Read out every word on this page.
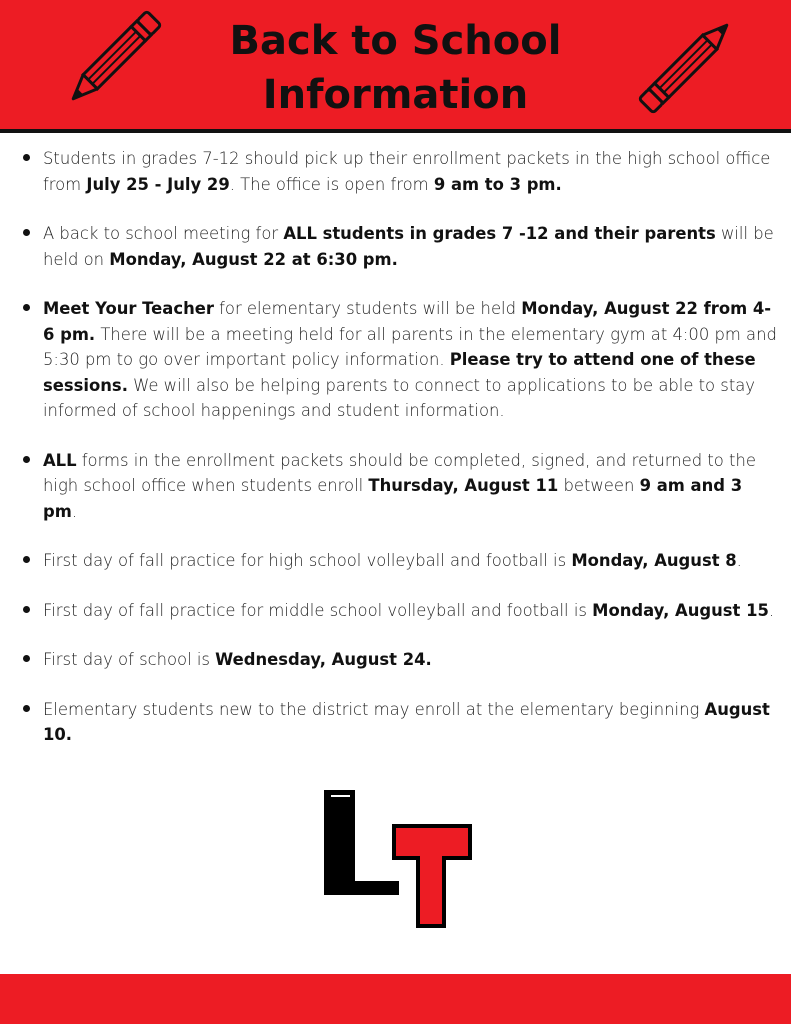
Back to School
Information
Students in grades 7-12 should pick up their enrollment packets in the high school office from July 25 - July 29. The office is open from 9 am to 3 pm.
A back to school meeting for ALL students in grades 7 -12 and their parents will be held on Monday, August 22 at 6:30 pm.
Meet Your Teacher for elementary students will be held Monday, August 22 from 4-6 pm. There will be a meeting held for all parents in the elementary gym at 4:00 pm and 5:30 pm to go over important policy information. Please try to attend one of these sessions. We will also be helping parents to connect to applications to be able to stay informed of school happenings and student information.
ALL forms in the enrollment packets should be completed, signed, and returned to the high school office when students enroll Thursday, August 11 between 9 am and 3 pm.
First day of fall practice for high school volleyball and football is Monday, August 8.
First day of fall practice for middle school volleyball and football is Monday, August 15.
First day of school is Wednesday, August 24.
Elementary students new to the district may enroll at the elementary beginning August 10.
